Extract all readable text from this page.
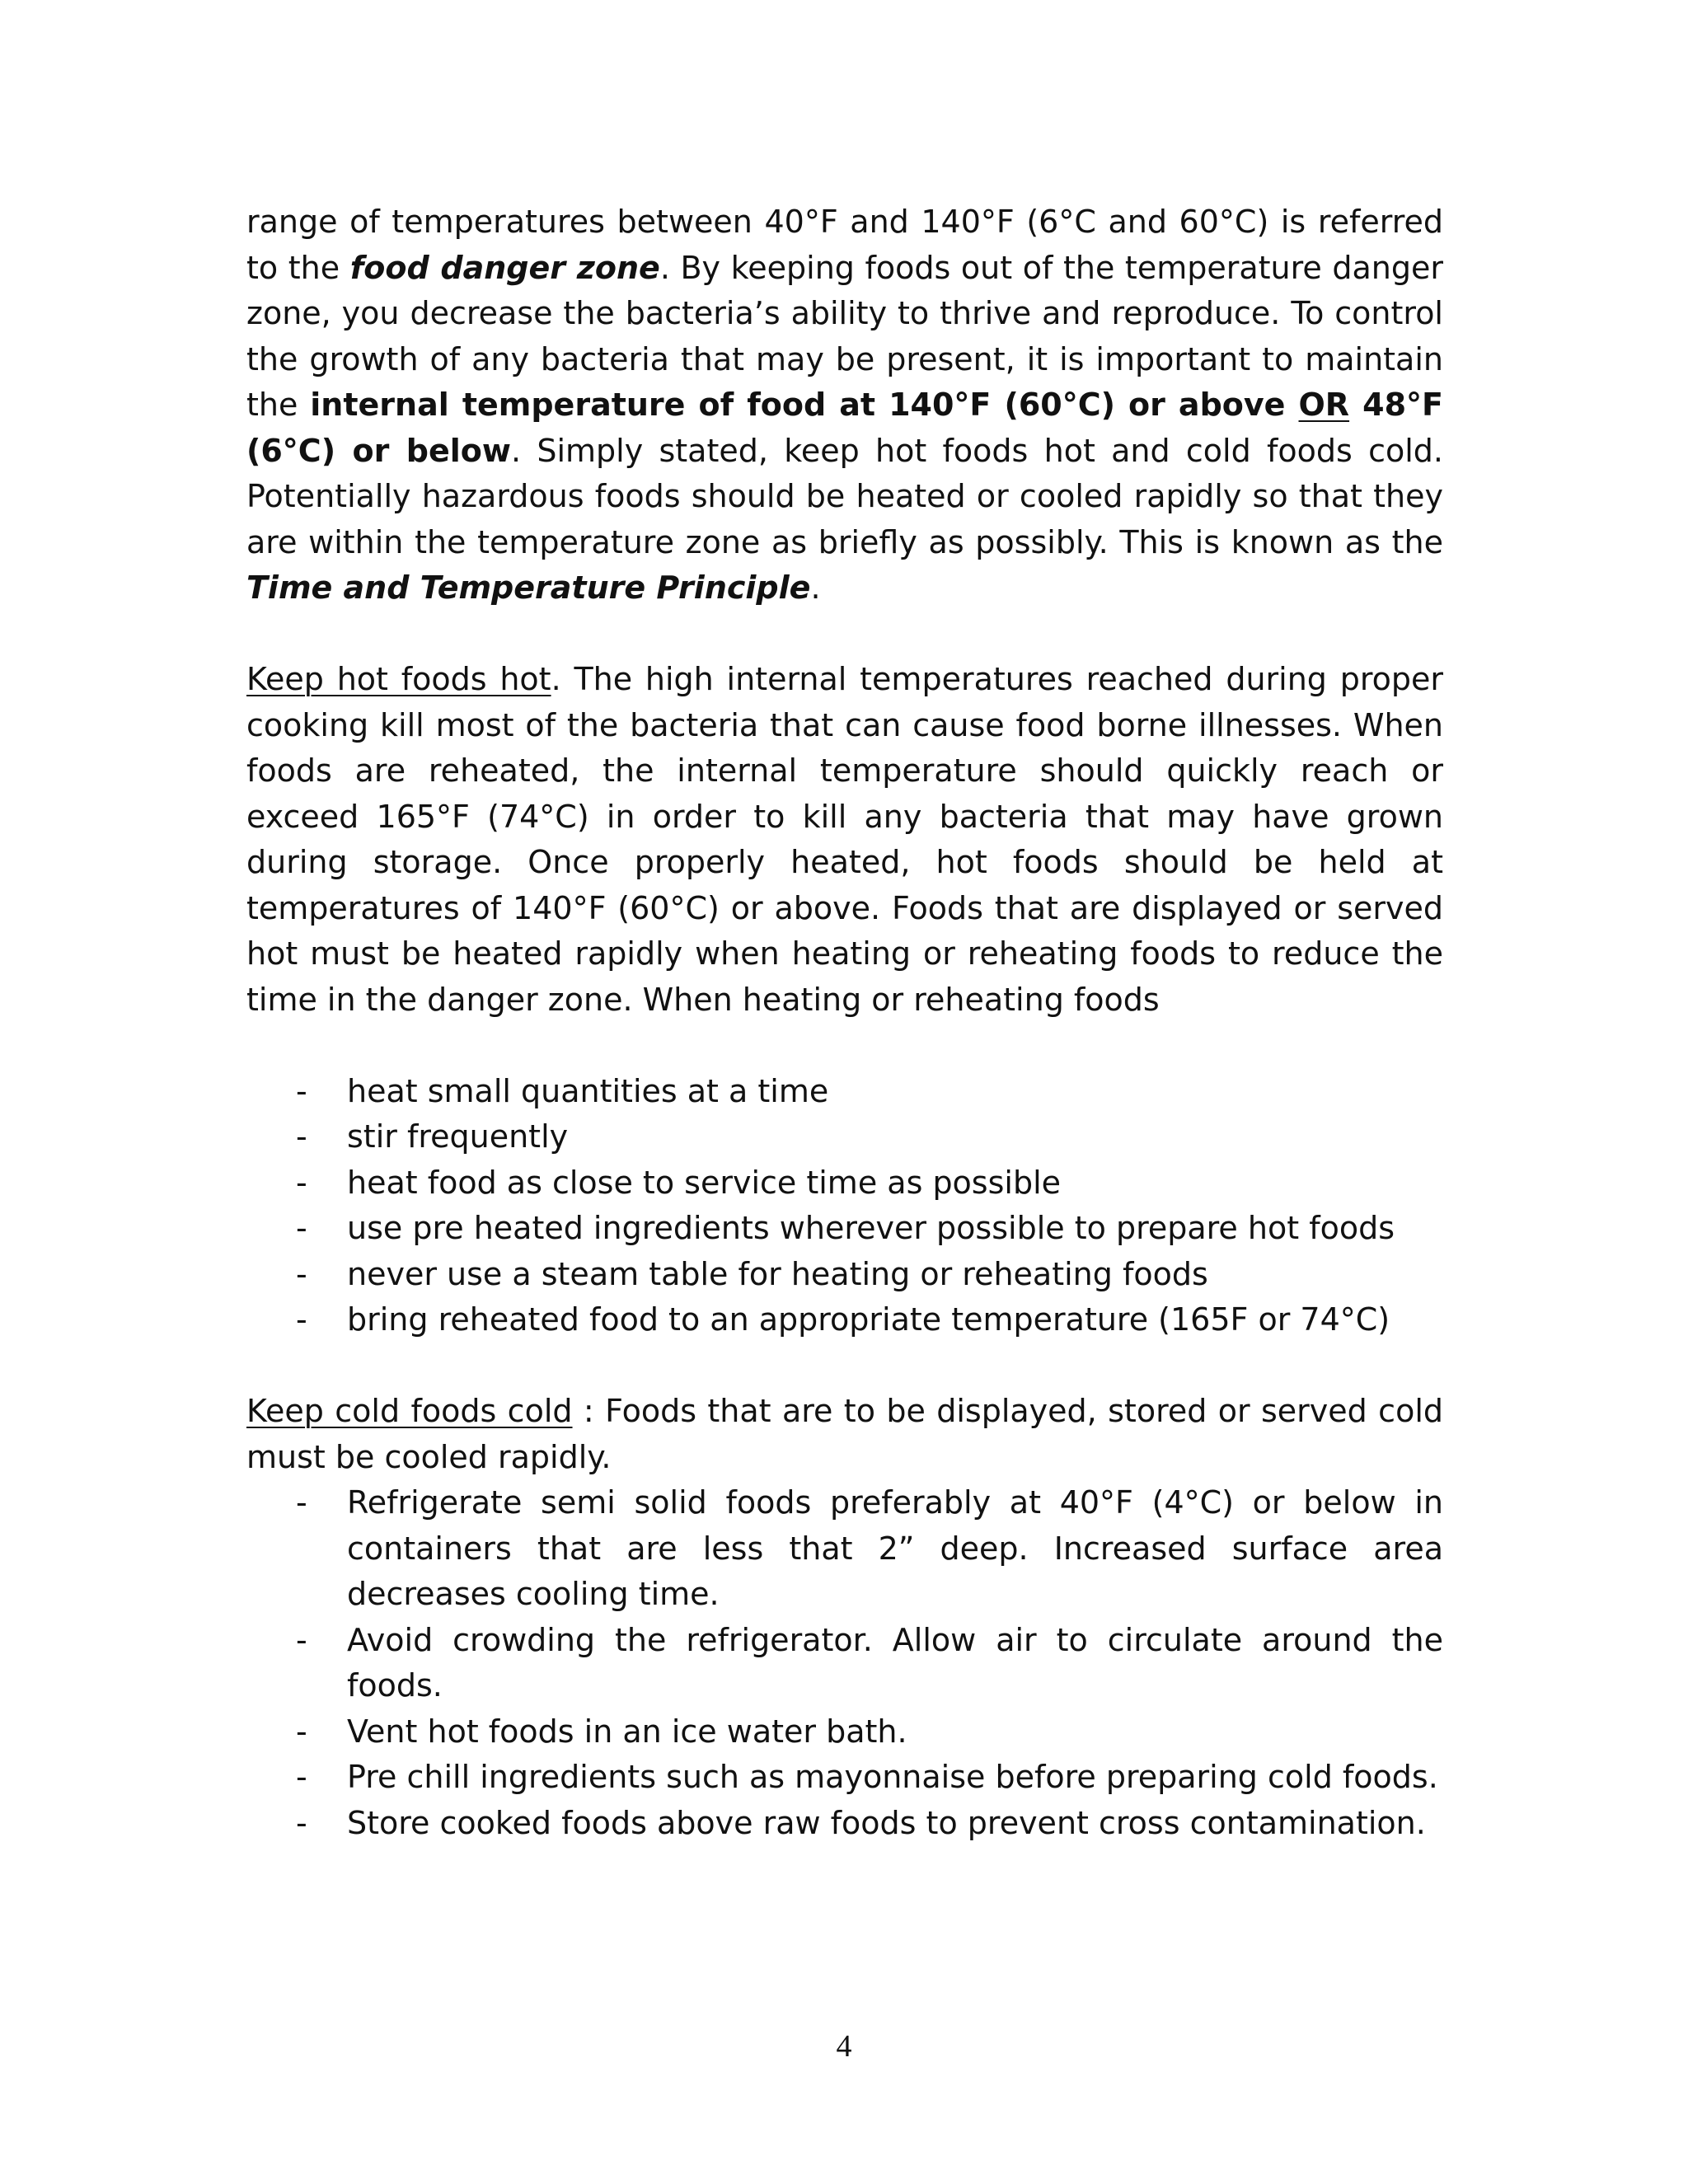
range of temperatures between 40°F and 140°F (6°C and 60°C) is referred to the food danger zone. By keeping foods out of the temperature danger zone, you decrease the bacteria’s ability to thrive and reproduce. To control the growth of any bacteria that may be present, it is important to maintain the internal temperature of food at 140°F (60°C) or above OR 48°F (6°C) or below. Simply stated, keep hot foods hot and cold foods cold. Potentially hazardous foods should be heated or cooled rapidly so that they are within the temperature zone as briefly as possibly. This is known as the Time and Temperature Principle.

Keep hot foods hot. The high internal temperatures reached during proper cooking kill most of the bacteria that can cause food borne illnesses. When foods are reheated, the internal temperature should quickly reach or exceed 165°F (74°C) in order to kill any bacteria that may have grown during storage. Once properly heated, hot foods should be held at temperatures of 140°F (60°C) or above. Foods that are displayed or served hot must be heated rapidly when heating or reheating foods to reduce the time in the danger zone. When heating or reheating foods

- heat small quantities at a time
- stir frequently
- heat food as close to service time as possible
- use pre heated ingredients wherever possible to prepare hot foods
- never use a steam table for heating or reheating foods
- bring reheated food to an appropriate temperature (165F or 74°C)

Keep cold foods cold : Foods that are to be displayed, stored or served cold must be cooled rapidly.

- Refrigerate semi solid foods preferably at 40°F (4°C) or below in containers that are less that 2” deep. Increased surface area decreases cooling time.
- Avoid crowding the refrigerator. Allow air to circulate around the foods.
- Vent hot foods in an ice water bath.
- Pre chill ingredients such as mayonnaise before preparing cold foods.
- Store cooked foods above raw foods to prevent cross contamination.
4
